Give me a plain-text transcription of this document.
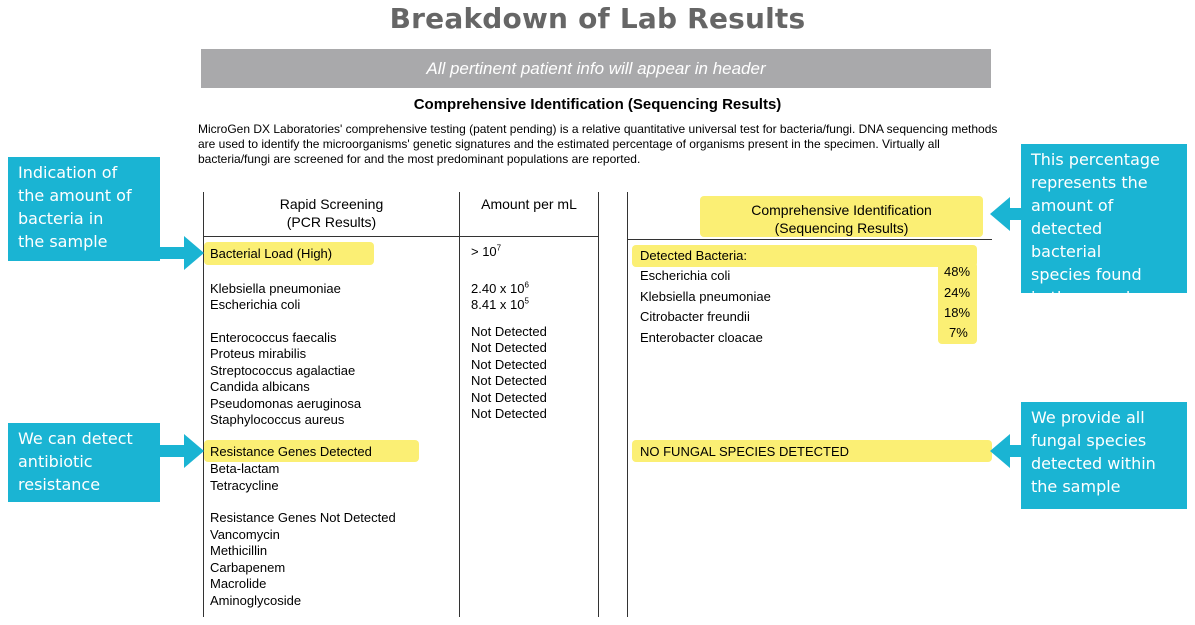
Breakdown of Lab Results
All pertinent patient info will appear in header
Comprehensive Identification (Sequencing Results)
MicroGen DX Laboratories' comprehensive testing (patent pending) is a relative quantitative universal test for bacteria/fungi. DNA sequencing methods are used to identify the microorganisms' genetic signatures and the estimated percentage of organisms present in the specimen. Virtually all bacteria/fungi are screened for and the most predominant populations are reported.
Rapid Screening
(PCR Results)
Amount per mL	Comprehensive Identification
(Sequencing Results)
Bacterial Load (High)	> $10^7$
Klebsiella pneumoniae
Escherichia coli
2.40 x $10^6$
8.41 x $10^5$
Enterococcus faecalis
Proteus mirabilis
Streptococcus agalactiae
Candida albicans
Pseudomonas aeruginosa
Staphylococcus aureus
Not Detected
Not Detected
Not Detected
Not Detected
Not Detected
Not Detected
Resistance Genes Detected
Beta-lactam
Tetracycline
Resistance Genes Not Detected
Vancomycin
Methicillin
Carbapenem
Macrolide
Aminoglycoside
Detected Bacteria:
Escherichia coli
Klebsiella pneumoniae
Citrobacter freundii
Enterobacter cloacae
48%
24%
18%
7%
NO FUNGAL SPECIES DETECTED
Indication of
the amount of
bacteria in
the sample
We can detect
antibiotic
resistance genes
This percentage
represents the
amount of
detected bacterial
species found
in the sample
We provide all
fungal species
detected within
the sample
